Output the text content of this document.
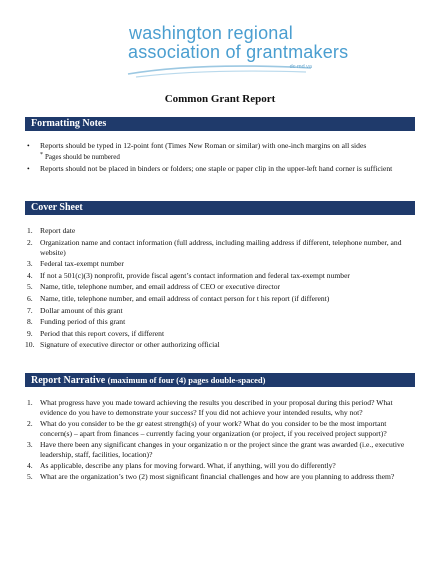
washington regional
association of grantmakers
dc md va
Common Grant Report
Formatting Notes
• Reports should be typed in 12-point font (Times New Roman or similar) with one-inch margins on all sides
* Pages should be numbered
• Reports should not be placed in binders or folders; one staple or paper clip in the upper-left hand corner is sufficient
Cover Sheet
1. Report date
2. Organization name and contact information (full address, including mailing address if different, telephone number, and website)
3. Federal tax-exempt number
4. If not a 501(c)(3) nonprofit, provide fiscal agent’s contact information and federal tax-exempt number
5. Name, title, telephone number, and email address of CEO or executive director
6. Name, title, telephone number, and email address of contact person for t his report (if different)
7. Dollar amount of this grant
8. Funding period of this grant
9. Period that this report covers, if different
10. Signature of executive director or other authorizing official
Report Narrative (maximum of four (4) pages double-spaced)
1. What progress have you made toward achieving the results you described in your proposal during this period? What evidence do you have to demonstrate your success? If you did not achieve your intended results, why not?
2. What do you consider to be the gr eatest strength(s) of your work? What do you consider to be the most important concern(s) – apart from finances – currently facing your organization (or project, if you received project support)?
3. Have there been any significant changes in your organizatio n or the project since the grant was awarded (i.e., executive leadership, staff, facilities, location)?
4. As applicable, describe any plans for moving forward. What, if anything, will you do differently?
5. What are the organization’s two (2) most significant financial challenges and how are you planning to address them?
